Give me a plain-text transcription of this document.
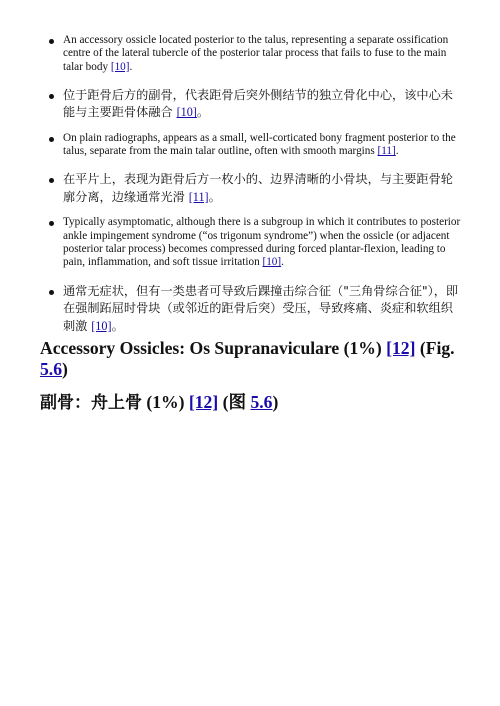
An accessory ossicle located posterior to the talus, representing a separate ossification centre of the lateral tubercle of the posterior talar process that fails to fuse to the main talar body [10].
位于距骨后方的副骨，代表距骨后突外侧结节的独立骨化中心，该中心未能与主要距骨体融合 [10]。
On plain radiographs, appears as a small, well-corticated bony fragment posterior to the talus, separate from the main talar outline, often with smooth margins [11].
在平片上，表现为距骨后方一枚小的、边界清晰的小骨块，与主要距骨轮廓分离，边缘通常光滑 [11]。
Typically asymptomatic, although there is a subgroup in which it contributes to posterior ankle impingement syndrome (“os trigonum syndrome”) when the ossicle (or adjacent posterior talar process) becomes compressed during forced plantar-flexion, leading to pain, inflammation, and soft tissue irritation [10].
通常无症状，但有一类患者可导致后踝撞击综合征（"三角骨综合征"），即在强制跖屈时骨块（或邻近的距骨后突）受压，导致疼痛、炎症和软组织刺激 [10]。
Accessory Ossicles: Os Supranaviculare (1%) [12] (Fig. 5.6)
副骨：舟上骨 (1%) [12] (图 5.6)
